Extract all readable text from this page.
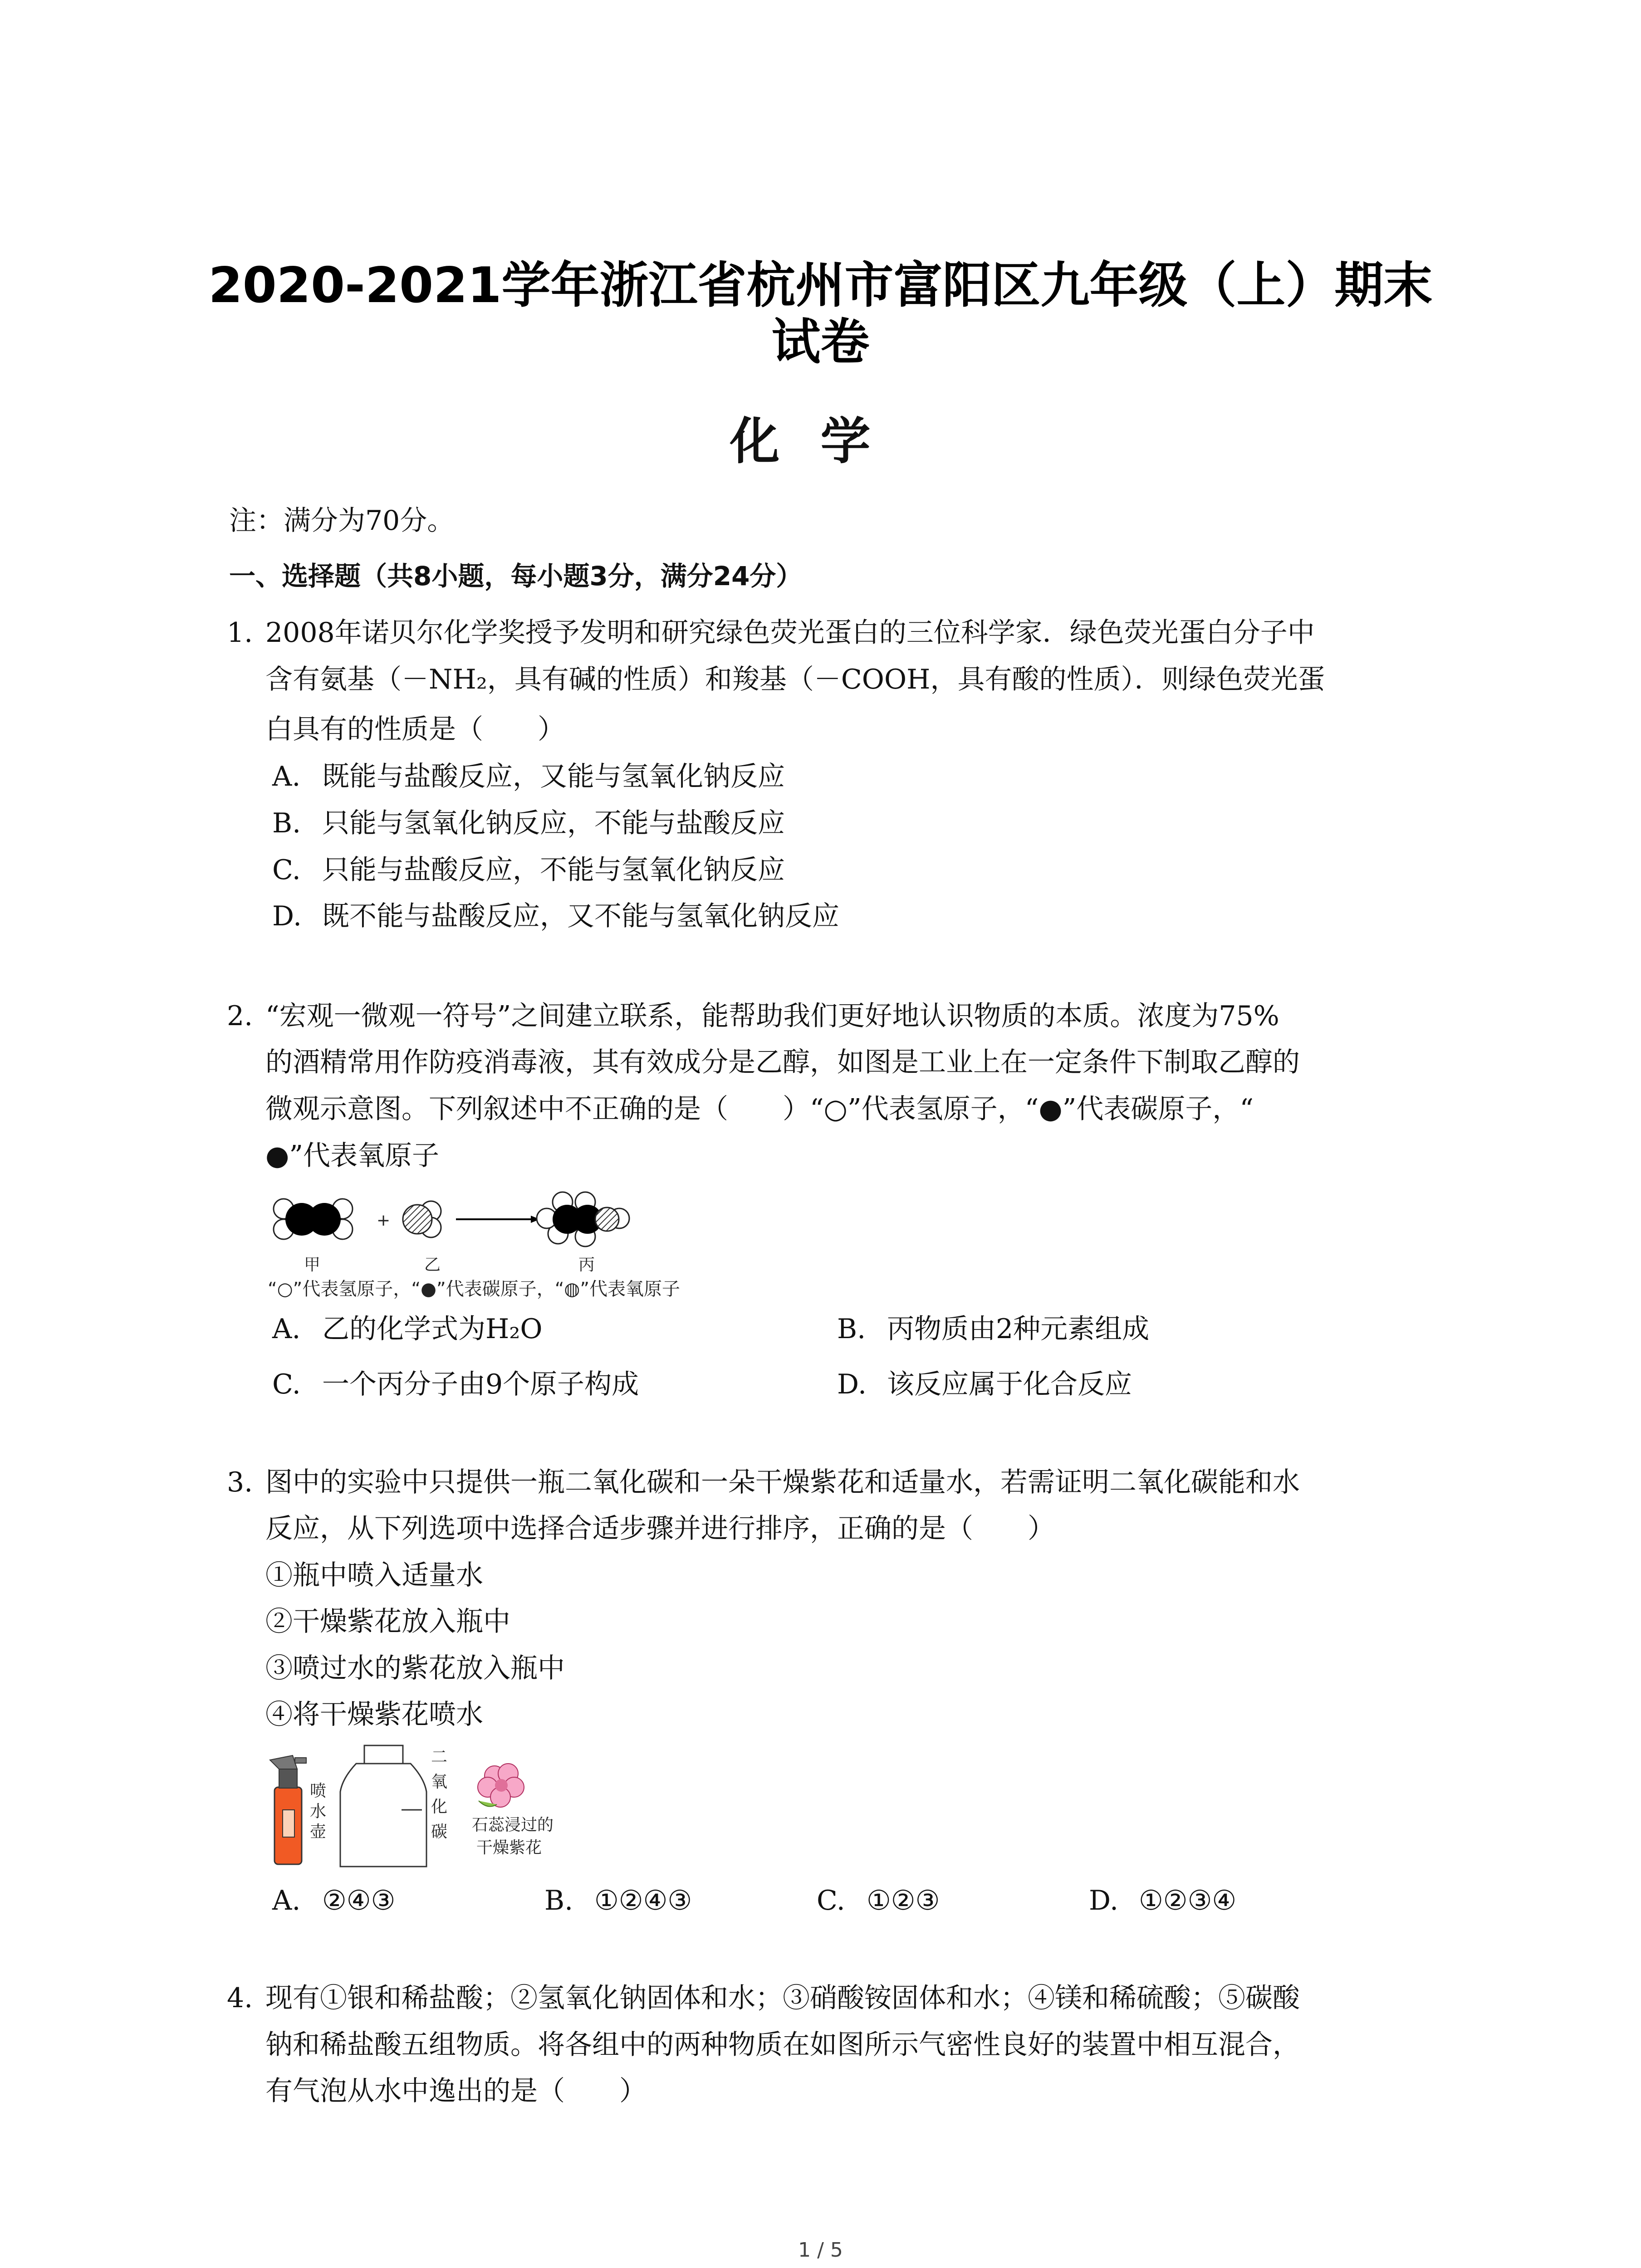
2020-2021学年浙江省杭州市富阳区九年级（上）期末
试卷
化学
注：满分为70分。
一、选择题（共8小题，每小题3分，满分24分）
1. 2008年诺贝尔化学奖授予发明和研究绿色荧光蛋白的三位科学家．绿色荧光蛋白分子中
含有氨基（－NH₂，具有碱的性质）和羧基（－COOH，具有酸的性质）．则绿色荧光蛋
白具有的性质是（　　）
A. 既能与盐酸反应，又能与氢氧化钠反应
B. 只能与氢氧化钠反应，不能与盐酸反应
C. 只能与盐酸反应，不能与氢氧化钠反应
D. 既不能与盐酸反应，又不能与氢氧化钠反应
2. “宏观一微观一符号”之间建立联系，能帮助我们更好地认识物质的本质。浓度为75%
的酒精常用作防疫消毒液，其有效成分是乙醇，如图是工业上在一定条件下制取乙醇的
微观示意图。下列叙述中不正确的是（　　）“○”代表氢原子，“●”代表碳原子，“
●”代表氧原子
+
甲	乙	丙
“○”代表氢原子，“●”代表碳原子，“◍”代表氧原子
A. 乙的化学式为H₂O	B. 丙物质由2种元素组成
C. 一个丙分子由9个原子构成	D. 该反应属于化合反应
3. 图中的实验中只提供一瓶二氧化碳和一朵干燥紫花和适量水，若需证明二氧化碳能和水
反应，从下列选项中选择合适步骤并进行排序，正确的是（　　）
①瓶中喷入适量水
②干燥紫花放入瓶中
③喷过水的紫花放入瓶中
④将干燥紫花喷水
喷
水
壶
二
氧
化
碳 石蕊浸过的
干燥紫花
A. ②④③	B. ①②④③	C. ①②③	D. ①②③④
4. 现有①银和稀盐酸；②氢氧化钠固体和水；③硝酸铵固体和水；④镁和稀硫酸；⑤碳酸
钠和稀盐酸五组物质。将各组中的两种物质在如图所示气密性良好的装置中相互混合，
有气泡从水中逸出的是（　　）
1 / 5
